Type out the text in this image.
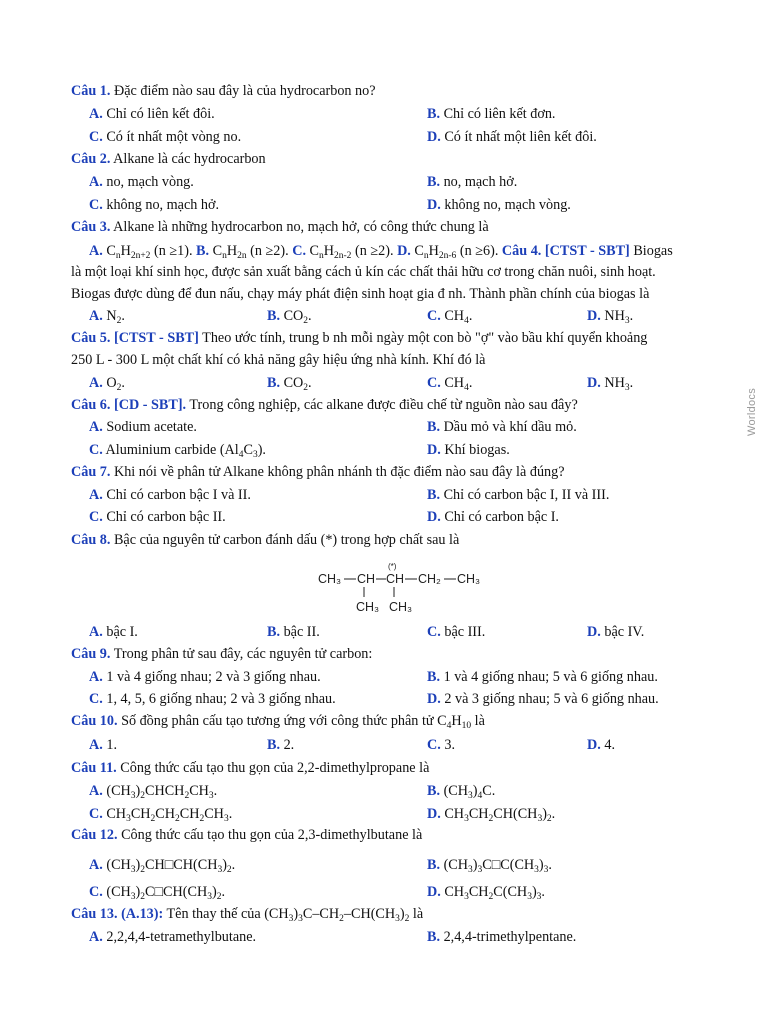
Worldocs
Câu 1. Đặc điểm nào sau đây là của hydrocarbon no?
A. Chỉ có liên kết đôi.	B. Chỉ có liên kết đơn.
C. Có ít nhất một vòng no.	D. Có ít nhất một liên kết đôi.
Câu 2. Alkane là các hydrocarbon
A. no, mạch vòng.	B. no, mạch hở.
C. không no, mạch hở.	D. không no, mạch vòng.
Câu 3. Alkane là những hydrocarbon no, mạch hở, có công thức chung là
A. $C_nH_{2n+2}$ (n ≥1). B. $C_nH_{2n}$ (n ≥2). C. $C_nH_{2n-2}$ (n ≥2). D. $C_nH_{2n-6}$ (n ≥6). Câu 4. [CTST - SBT] Biogas
là một loại khí sinh học, được sản xuất bằng cách ủ kín các chất thải hữu cơ trong chăn nuôi, sinh hoạt.
Biogas được dùng để đun nấu, chạy máy phát điện sinh hoạt gia đ nh. Thành phần chính của biogas là
A. $N_2$.	B. $CO_2$.	C. $CH_4$.	D. $NH_3$.
Câu 5. [CTST - SBT] Theo ước tính, trung b nh mỗi ngày một con bò "ợ" vào bầu khí quyển khoảng
250 L - 300 L một chất khí có khả năng gây hiệu ứng nhà kính. Khí đó là
A. $O_2$.	B. $CO_2$.	C. $CH_4$.	D. $NH_3$.
Câu 6. [CD - SBT]. Trong công nghiệp, các alkane được điều chế từ nguồn nào sau đây?
A. Sodium acetate.	B. Dầu mỏ và khí dầu mỏ.
C. Aluminium carbide $(Al_4C_3)$.	D. Khí biogas.
Câu 7. Khi nói về phân tử Alkane không phân nhánh th đặc điểm nào sau đây là đúng?
A. Chỉ có carbon bậc I và II.	B. Chỉ có carbon bậc I, II và III.
C. Chỉ có carbon bậc II.	D. Chỉ có carbon bậc I.
Câu 8. Bậc của nguyên tử carbon đánh dấu (*) trong hợp chất sau là
(*)
CH₃ CH CH CH₂ CH₃
CH₃ CH₃
A. bậc I.	B. bậc II.	C. bậc III.	D. bậc IV.
Câu 9. Trong phân tử sau đây, các nguyên tử carbon:
A. 1 và 4 giống nhau; 2 và 3 giống nhau.	B. 1 và 4 giống nhau; 5 và 6 giống nhau.
C. 1, 4, 5, 6 giống nhau; 2 và 3 giống nhau.	D. 2 và 3 giống nhau; 5 và 6 giống nhau.
Câu 10. Số đồng phân cấu tạo tương ứng với công thức phân tử $C_4H_{10}$ là
A. 1.	B. 2.	C. 3.	D. 4.
Câu 11. Công thức cấu tạo thu gọn của 2,2-dimethylpropane là
A. $(CH_3)_2CHCH_2CH_3$.	B. $(CH_3)_4C$.
C. $CH_3CH_2CH_2CH_2CH_3$.	D. $CH_3CH_2CH(CH_3)_2$.
Câu 12. Công thức cấu tạo thu gọn của 2,3-dimethylbutane là
A. $(CH_3)_2CH□CH(CH_3)_2$.	B. $(CH_3)_3C□C(CH_3)_3$.
C. $(CH_3)_2C□CH(CH_3)_2$.	D. $CH_3CH_2C(CH_3)_3$.
Câu 13. (A.13): Tên thay thế của $(CH_3)_3C-CH_2-CH(CH_3)_2$ là
A. 2,2,4,4-tetramethylbutane.	B. 2,4,4-trimethylpentane.
